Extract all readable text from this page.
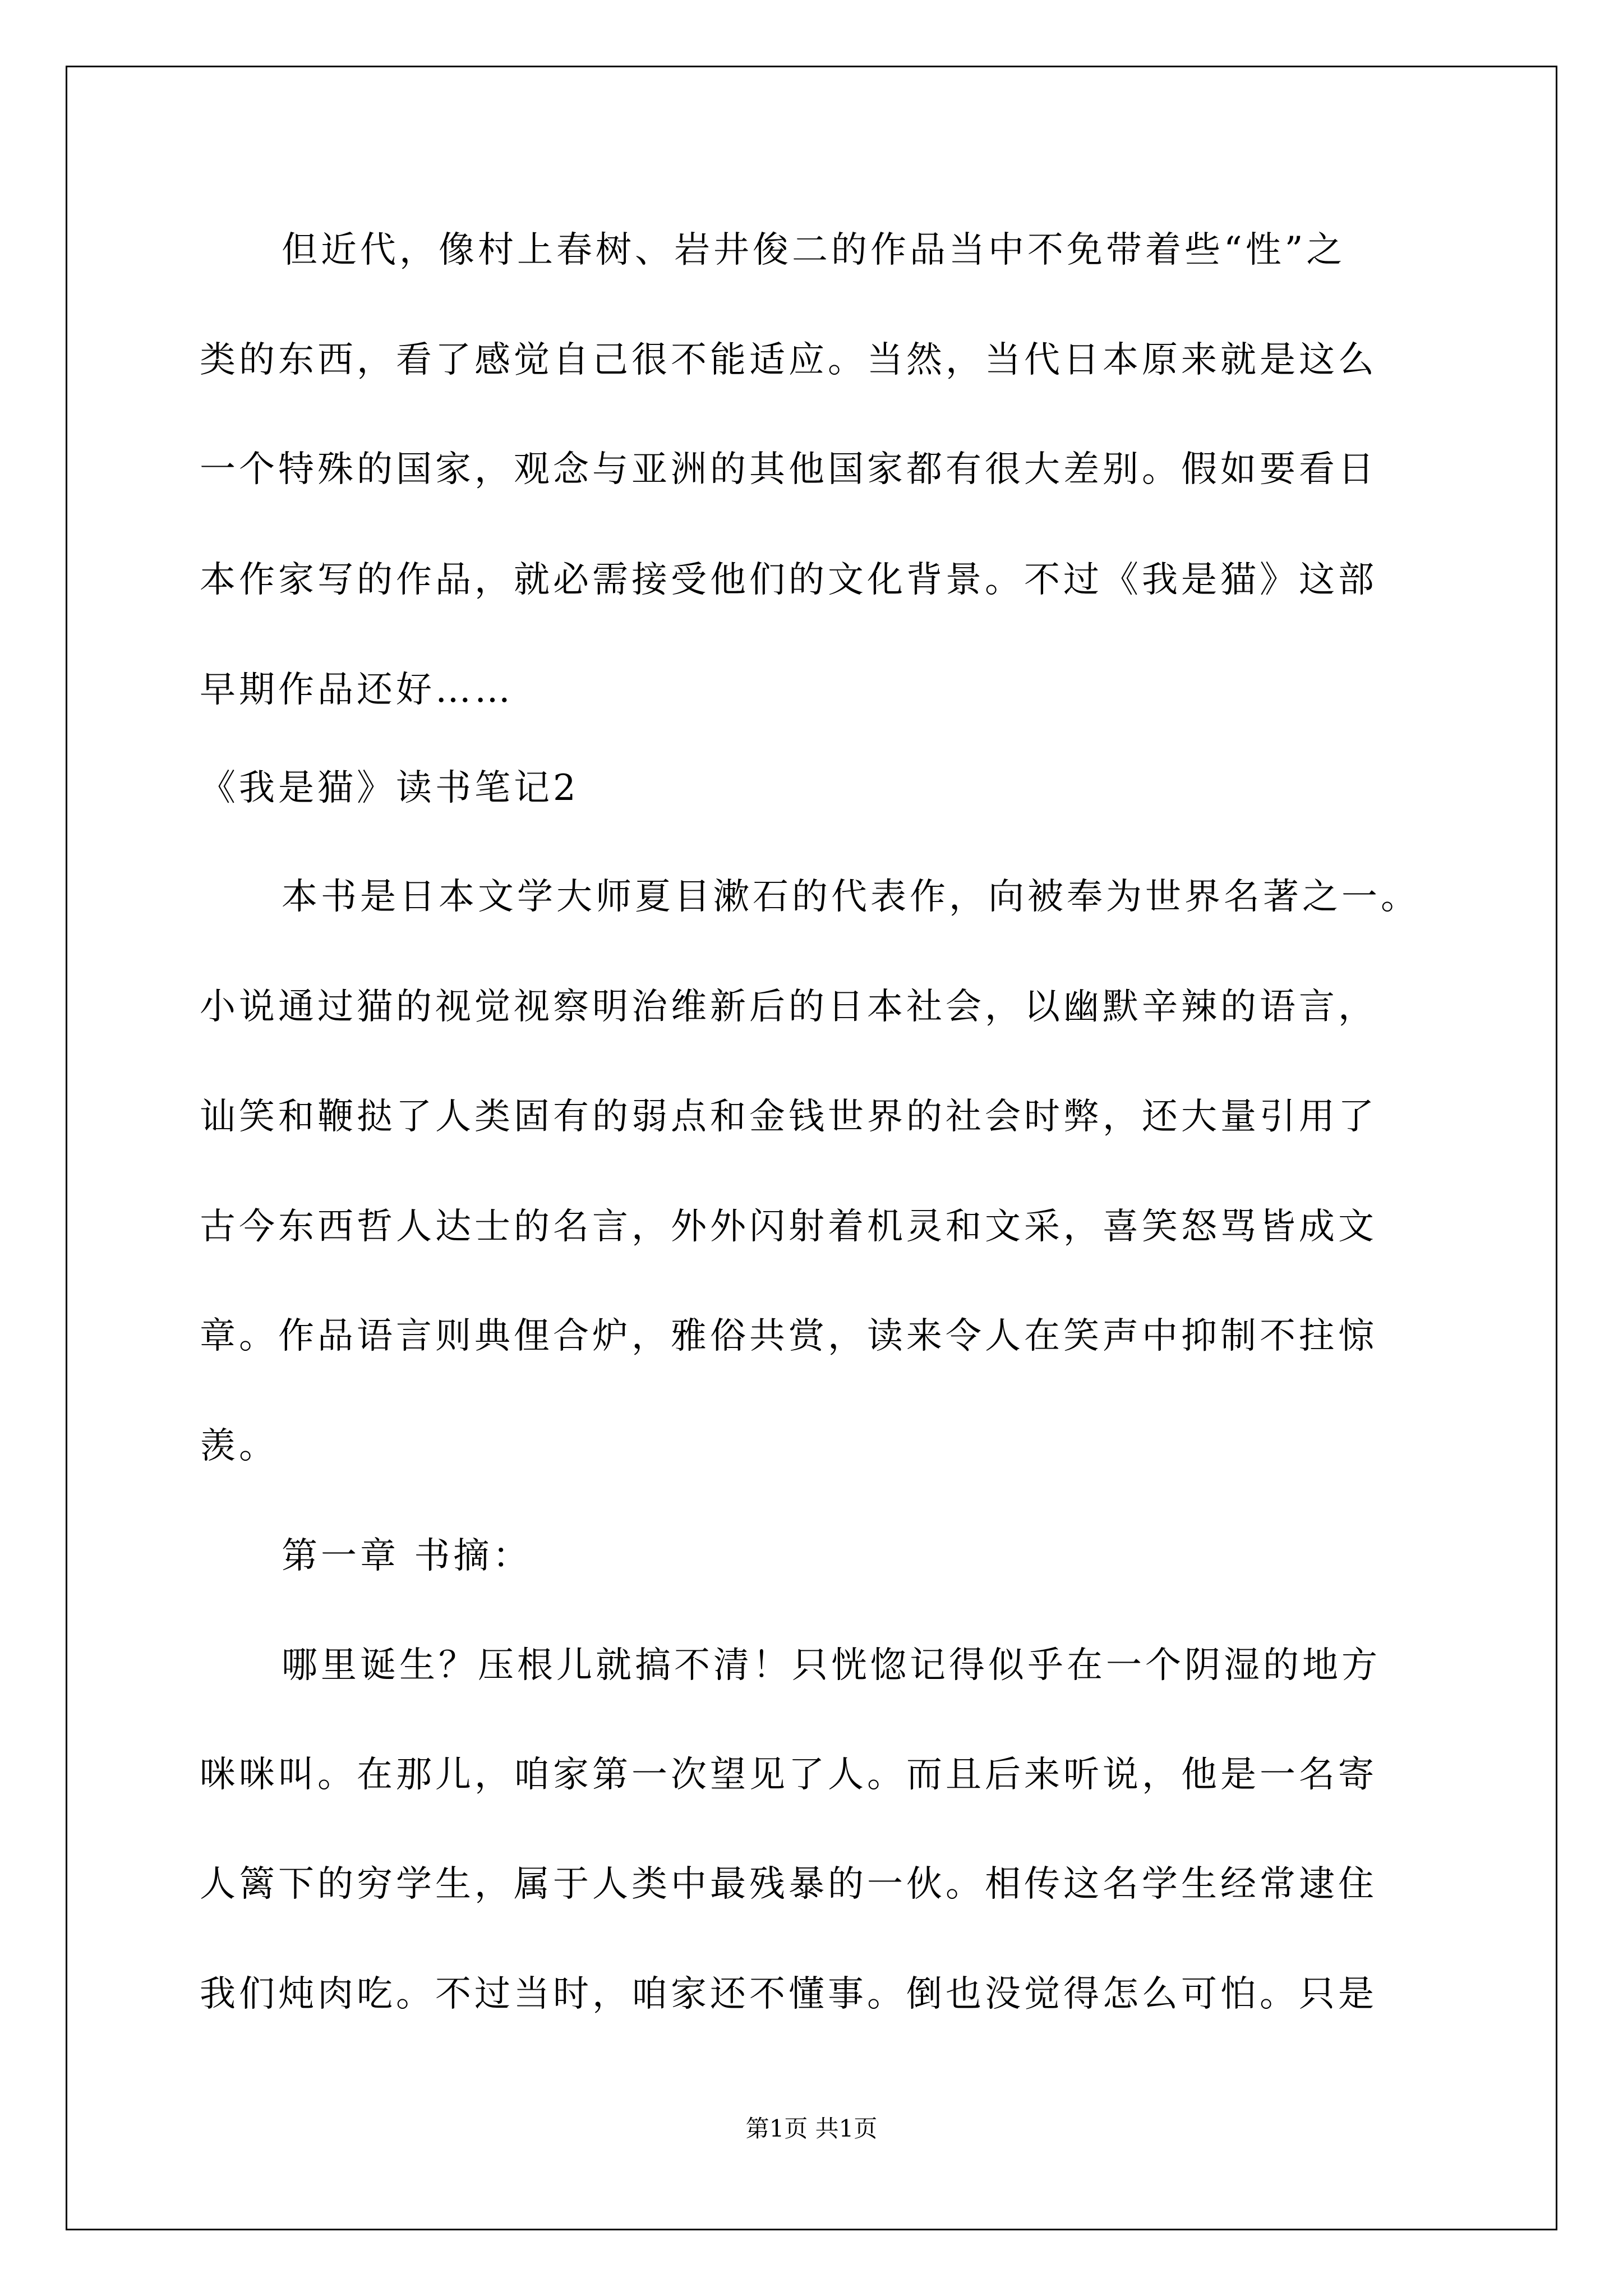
但近代，像村上春树、岩井俊二的作品当中不免带着些“性”之
类的东西，看了感觉自己很不能适应。当然，当代日本原来就是这么
一个特殊的国家，观念与亚洲的其他国家都有很大差别。假如要看日
本作家写的作品，就必需接受他们的文化背景。不过《我是猫》这部
早期作品还好……
《我是猫》读书笔记2
本书是日本文学大师夏目漱石的代表作，向被奉为世界名著之一。
小说通过猫的视觉视察明治维新后的日本社会，以幽默辛辣的语言，
讪笑和鞭挞了人类固有的弱点和金钱世界的社会时弊，还大量引用了
古今东西哲人达士的名言，外外闪射着机灵和文采，喜笑怒骂皆成文
章。作品语言则典俚合炉，雅俗共赏，读来令人在笑声中抑制不拄惊
羡。
第一章 书摘：
哪里诞生？压根儿就搞不清！只恍惚记得似乎在一个阴湿的地方
咪咪叫。在那儿，咱家第一次望见了人。而且后来听说，他是一名寄
人篱下的穷学生，属于人类中最残暴的一伙。相传这名学生经常逮住
我们炖肉吃。不过当时，咱家还不懂事。倒也没觉得怎么可怕。只是
第1页 共1页
